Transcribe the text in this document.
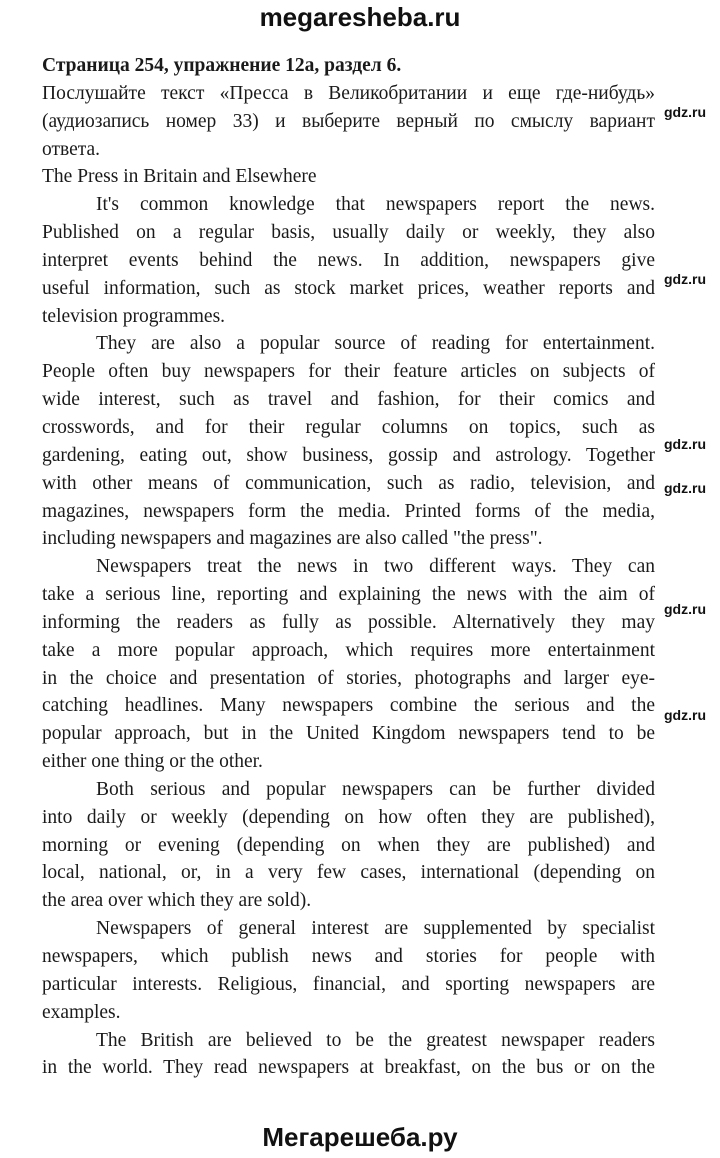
megaresheba.ru
Страница 254, упражнение 12a, раздел 6.
Послушайте текст «Пресса в Великобритании и еще где-нибудь»
(аудиозапись номер 33) и выберите верный по смыслу вариант
ответа.
The Press in Britain and Elsewhere
It's common knowledge that newspapers report the news.
Published on a regular basis, usually daily or weekly, they also
interpret events behind the news. In addition, newspapers give
useful information, such as stock market prices, weather reports and
television programmes.
They are also a popular source of reading for entertainment.
People often buy newspapers for their feature articles on subjects of
wide interest, such as travel and fashion, for their comics and
crosswords, and for their regular columns on topics, such as
gardening, eating out, show business, gossip and astrology. Together
with other means of communication, such as radio, television, and
magazines, newspapers form the media. Printed forms of the media,
including newspapers and magazines are also called "the press".
Newspapers treat the news in two different ways. They can
take a serious line, reporting and explaining the news with the aim of
informing the readers as fully as possible. Alternatively they may
take a more popular approach, which requires more entertainment
in the choice and presentation of stories, photographs and larger eye-
catching headlines. Many newspapers combine the serious and the
popular approach, but in the United Kingdom newspapers tend to be
either one thing or the other.
Both serious and popular newspapers can be further divided
into daily or weekly (depending on how often they are published),
morning or evening (depending on when they are published) and
local, national, or, in a very few cases, international (depending on
the area over which they are sold).
Newspapers of general interest are supplemented by specialist
newspapers, which publish news and stories for people with
particular interests. Religious, financial, and sporting newspapers are
examples.
The British are believed to be the greatest newspaper readers
in the world. They read newspapers at breakfast, on the bus or on the
gdz.ru
gdz.ru
gdz.ru
gdz.ru
gdz.ru
gdz.ru
Мегарешеба.ру
